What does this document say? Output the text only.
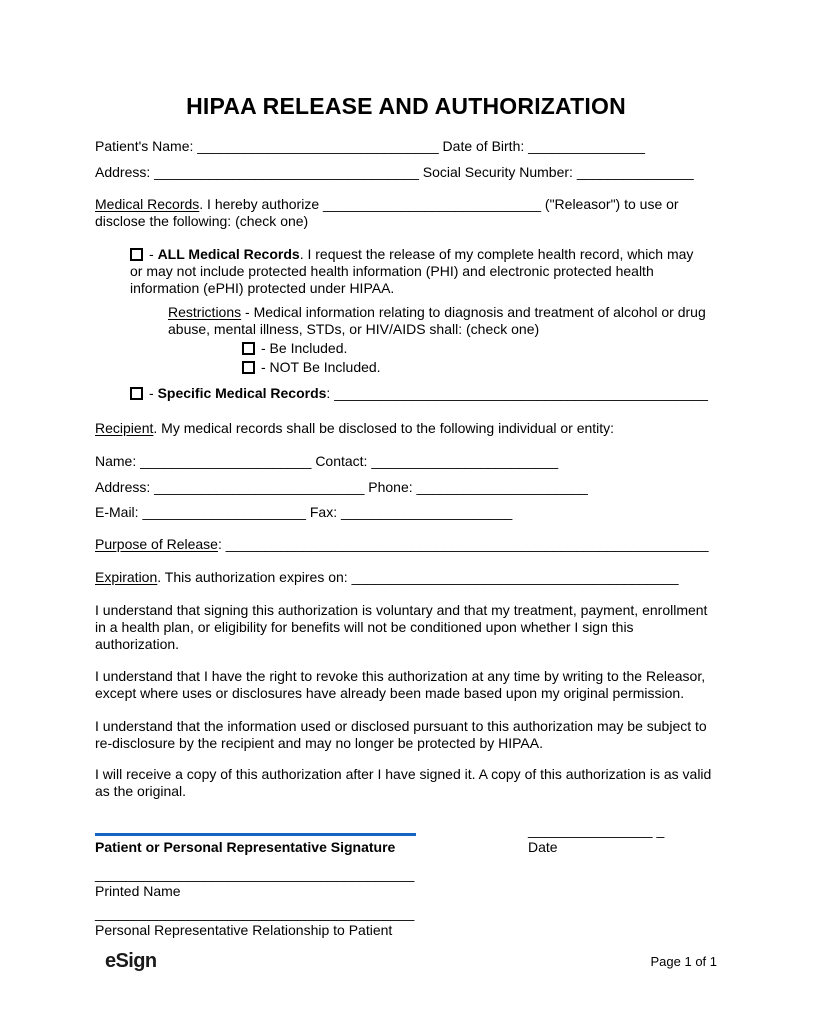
HIPAA RELEASE AND AUTHORIZATION
Patient's Name: _______________________________ Date of Birth: _______________
Address: __________________________________ Social Security Number: _______________
Medical Records. I hereby authorize ____________________________ ("Releasor") to use or disclose the following: (check one)
- ALL Medical Records. I request the release of my complete health record, which may or may not include protected health information (PHI) and electronic protected health information (ePHI) protected under HIPAA.
Restrictions - Medical information relating to diagnosis and treatment of alcohol or drug abuse, mental illness, STDs, or HIV/AIDS shall: (check one)
- Be Included.
- NOT Be Included.
- Specific Medical Records: ________________________________________________
Recipient. My medical records shall be disclosed to the following individual or entity:
Name: ______________________ Contact: ________________________
Address: ___________________________ Phone: ______________________
E-Mail: _____________________ Fax: ______________________
Purpose of Release: ______________________________________________________________
Expiration. This authorization expires on: __________________________________________

I understand that signing this authorization is voluntary and that my treatment, payment, enrollment in a health plan, or eligibility for benefits will not be conditioned upon whether I sign this authorization.

I understand that I have the right to revoke this authorization at any time by writing to the Releasor, except where uses or disclosures have already been made based upon my original permission.

I understand that the information used or disclosed pursuant to this authorization may be subject to re-disclosure by the recipient and may no longer be protected by HIPAA.

I will receive a copy of this authorization after I have signed it. A copy of this authorization is as valid as the original.

Patient or Personal Representative Signature
________________ _
Date
_________________________________________
Printed Name
_________________________________________
Personal Representative Relationship to Patient
eSign	Page 1 of 1
